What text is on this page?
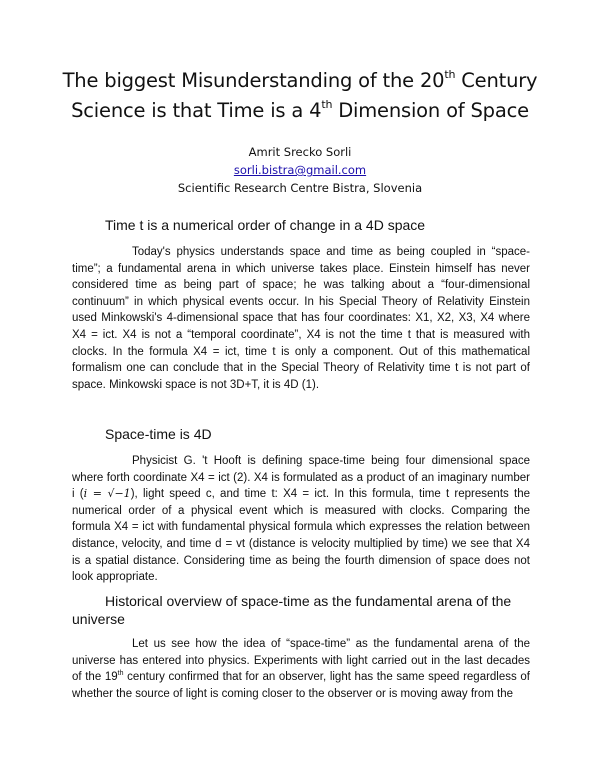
The biggest Misunderstanding of the 20th Century
Science is that Time is a 4th Dimension of Space
Amrit Srecko Sorli
sorli.bistra@gmail.com
Scientific Research Centre Bistra, Slovenia
Time t is a numerical order of change in a 4D space
Today's physics understands space and time as being coupled in “space-time”; a fundamental arena in which universe takes place. Einstein himself has never considered time as being part of space; he was talking about a “four-dimensional continuum” in which physical events occur. In his Special Theory of Relativity Einstein used Minkowski's 4-dimensional space that has four coordinates: X1, X2, X3, X4 where X4 = ict. X4 is not a “temporal coordinate”, X4 is not the time t that is measured with clocks. In the formula X4 = ict, time t is only a component. Out of this mathematical formalism one can conclude that in the Special Theory of Relativity time t is not part of space. Minkowski space is not 3D+T, it is 4D (1).
Space-time is 4D
Physicist G. 't Hooft is defining space-time being four dimensional space where forth coordinate X4 = ict (2). X4 is formulated as a product of an imaginary number i (i = √−1), light speed c, and time t: X4 = ict. In this formula, time t represents the numerical order of a physical event which is measured with clocks. Comparing the formula X4 = ict with fundamental physical formula which expresses the relation between distance, velocity, and time d = vt (distance is velocity multiplied by time) we see that X4 is a spatial distance. Considering time as being the fourth dimension of space does not look appropriate.
Historical overview of space-time as the fundamental arena of the universe
Let us see how the idea of “space-time” as the fundamental arena of the universe has entered into physics. Experiments with light carried out in the last decades of the 19th century confirmed that for an observer, light has the same speed regardless of whether the source of light is coming closer to the observer or is moving away from the
